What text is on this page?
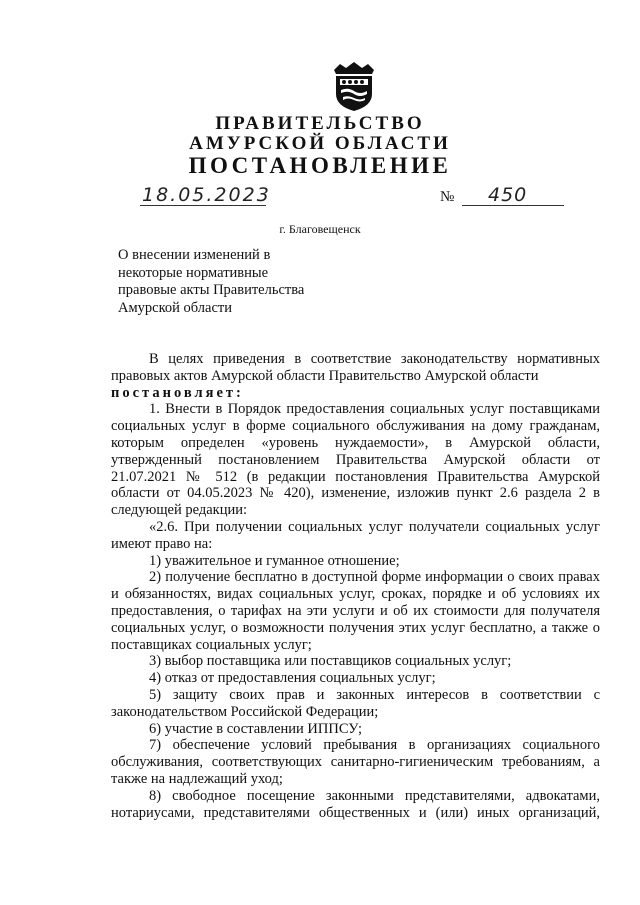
ПРАВИТЕЛЬСТВО
АМУРСКОЙ ОБЛАСТИ
ПОСТАНОВЛЕНИЕ
18.05.2023	№ 450
г. Благовещенск
О внесении изменений в
некоторые нормативные
правовые акты Правительства
Амурской области

В целях приведения в соответствие законодательству нормативных правовых актов Амурской области Правительство Амурской области

постановляет:

1. Внести в Порядок предоставления социальных услуг поставщиками социальных услуг в форме социального обслуживания на дому гражданам, которым определен «уровень нуждаемости», в Амурской области, утвержденный постановлением Правительства Амурской области от 21.07.2021 № 512 (в редакции постановления Правительства Амурской области от 04.05.2023 № 420), изменение, изложив пункт 2.6 раздела 2 в следующей редакции:

«2.6. При получении социальных услуг получатели социальных услуг имеют право на:

1) уважительное и гуманное отношение;

2) получение бесплатно в доступной форме информации о своих правах и обязанностях, видах социальных услуг, сроках, порядке и об условиях их предоставления, о тарифах на эти услуги и об их стоимости для получателя социальных услуг, о возможности получения этих услуг бесплатно, а также о поставщиках социальных услуг;

3) выбор поставщика или поставщиков социальных услуг;

4) отказ от предоставления социальных услуг;

5) защиту своих прав и законных интересов в соответствии с законодательством Российской Федерации;

6) участие в составлении ИППСУ;

7) обеспечение условий пребывания в организациях социального обслуживания, соответствующих санитарно-гигиеническим требованиям, а также на надлежащий уход;

8) свободное посещение законными представителями, адвокатами, нотариусами, представителями общественных и (или) иных организаций,
